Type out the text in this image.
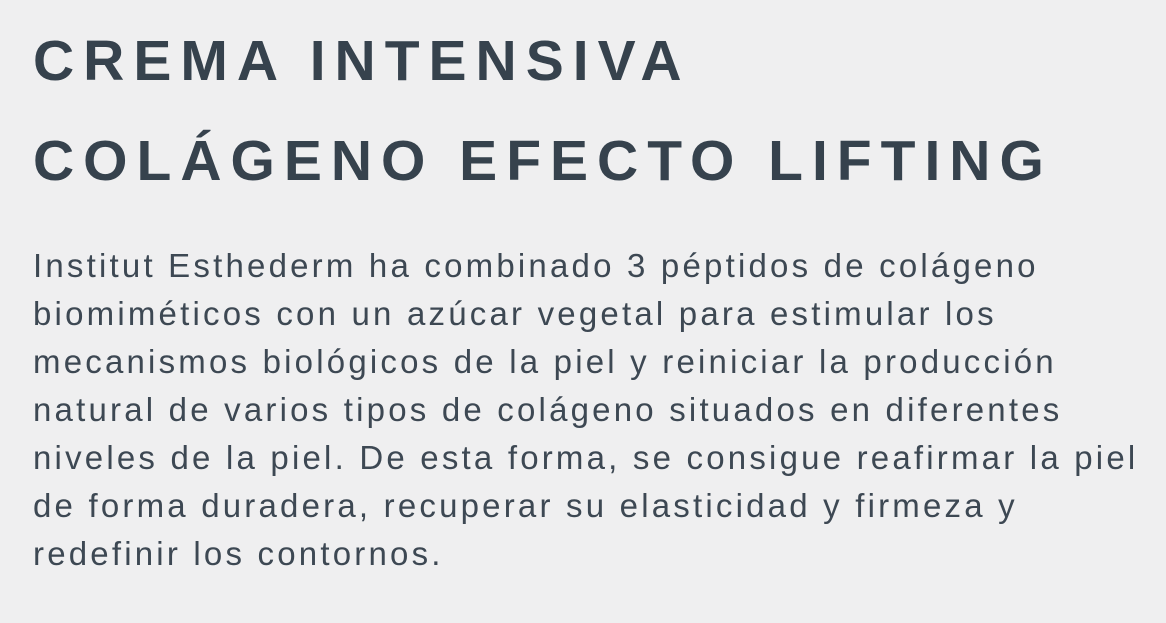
CREMA INTENSIVA
COLÁGENO EFECTO LIFTING

Institut Esthederm ha combinado 3 péptidos de colágeno biomiméticos con un azúcar vegetal para estimular los mecanismos biológicos de la piel y reiniciar la producción natural de varios tipos de colágeno situados en diferentes niveles de la piel. De esta forma, se consigue reafirmar la piel de forma duradera, recuperar su elasticidad y firmeza y redefinir los contornos.
